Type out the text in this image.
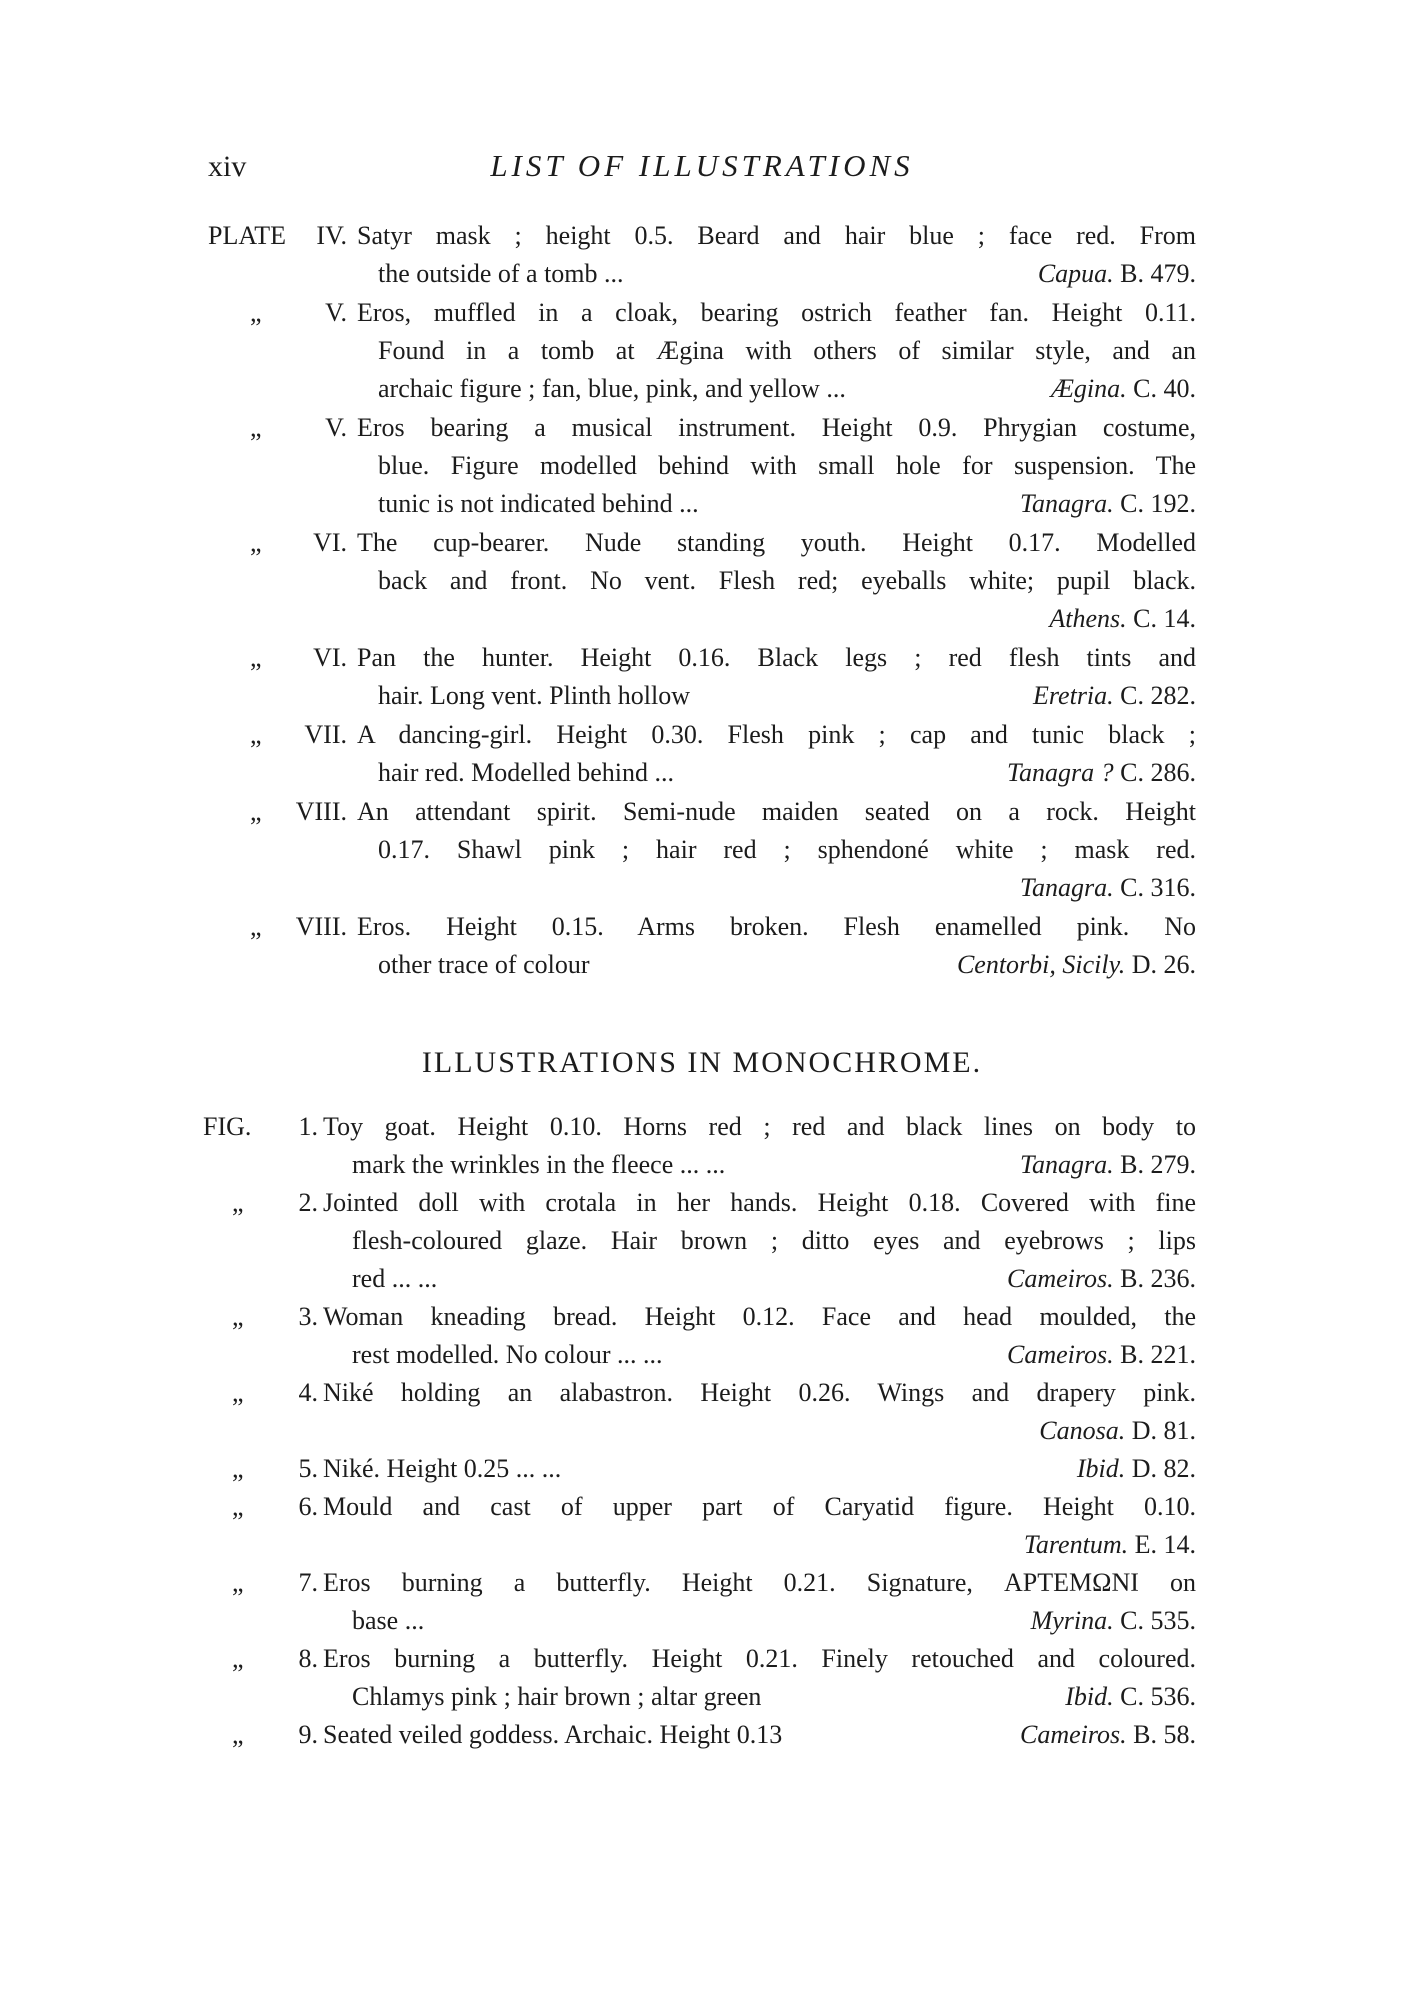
xiv	LIST OF ILLUSTRATIONS
PLATE	IV. Satyr mask ; height 0.5. Beard and hair blue ; face red. From
the outside of a tomb ...	Capua. B. 479.
„	V. Eros, muffled in a cloak, bearing ostrich feather fan. Height 0.11.
Found in a tomb at Ægina with others of similar style, and an
archaic figure ; fan, blue, pink, and yellow ...	Ægina. C. 40.
„	V. Eros bearing a musical instrument. Height 0.9. Phrygian costume,
blue. Figure modelled behind with small hole for suspension. The
tunic is not indicated behind ...	Tanagra. C. 192.
„	VI. The cup-bearer. Nude standing youth. Height 0.17. Modelled
back and front. No vent. Flesh red; eyeballs white; pupil black.
Athens. C. 14.
„	VI. Pan the hunter. Height 0.16. Black legs ; red flesh tints and
hair. Long vent. Plinth hollow	Eretria. C. 282.
„	VII. A dancing-girl. Height 0.30. Flesh pink ; cap and tunic black ;
hair red. Modelled behind ...	Tanagra ? C. 286.
„	VIII. An attendant spirit. Semi-nude maiden seated on a rock. Height
0.17. Shawl pink ; hair red ; sphendoné white ; mask red.
Tanagra. C. 316.
„	VIII. Eros. Height 0.15. Arms broken. Flesh enamelled pink. No
other trace of colour	Centorbi, Sicily. D. 26.
ILLUSTRATIONS IN MONOCHROME.
FIG.	1. Toy goat. Height 0.10. Horns red ; red and black lines on body to
mark the wrinkles in the fleece ... ...	Tanagra. B. 279.
„	2. Jointed doll with crotala in her hands. Height 0.18. Covered with fine
flesh-coloured glaze. Hair brown ; ditto eyes and eyebrows ; lips
red ... ...	Cameiros. B. 236.
„	3. Woman kneading bread. Height 0.12. Face and head moulded, the
rest modelled. No colour ... ...	Cameiros. B. 221.
„	4. Niké holding an alabastron. Height 0.26. Wings and drapery pink.
Canosa. D. 81.
„	5. Niké. Height 0.25 ... ...	Ibid. D. 82.
„	6. Mould and cast of upper part of Caryatid figure. Height 0.10.
Tarentum. E. 14.
„	7. Eros burning a butterfly. Height 0.21. Signature, ΑΡΤΕΜΩΝΙ on
base ...	Myrina. C. 535.
„	8. Eros burning a butterfly. Height 0.21. Finely retouched and coloured.
Chlamys pink ; hair brown ; altar green	Ibid. C. 536.
„	9. Seated veiled goddess. Archaic. Height 0.13	Cameiros. B. 58.
